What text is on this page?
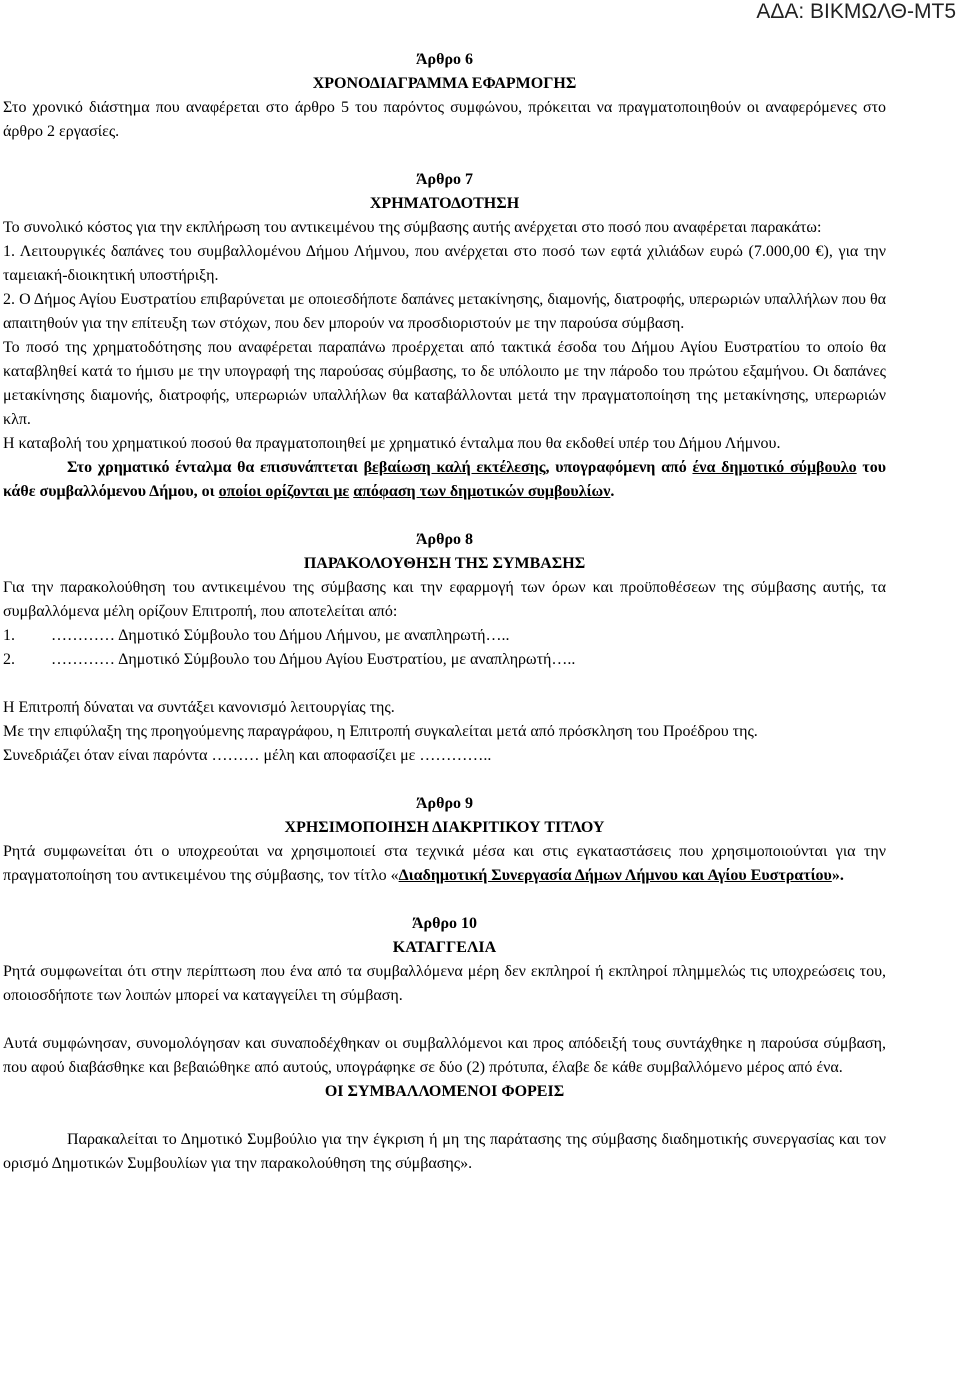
ΑΔΑ: ΒΙΚΜΩΛΘ-ΜΤ5

Άρθρο 6

ΧΡΟΝΟΔΙΑΓΡΑΜΜΑ ΕΦΑΡΜΟΓΗΣ

Στο χρονικό διάστημα που αναφέρεται στο άρθρο 5 του παρόντος συμφώνου, πρόκειται να πραγματοποιηθούν οι αναφερόμενες στο άρθρο 2 εργασίες.

Άρθρο 7

ΧΡΗΜΑΤΟΔΟΤΗΣΗ

Το συνολικό κόστος για την εκπλήρωση του αντικειμένου της σύμβασης αυτής ανέρχεται στο ποσό που αναφέρεται παρακάτω:

1. Λειτουργικές δαπάνες του συμβαλλομένου Δήμου Λήμνου, που ανέρχεται στο ποσό των εφτά χιλιάδων ευρώ (7.000,00 €), για την ταμειακή-διοικητική υποστήριξη.

2. Ο Δήμος Αγίου Ευστρατίου επιβαρύνεται με οποιεσδήποτε δαπάνες μετακίνησης, διαμονής, διατροφής, υπερωριών υπαλλήλων που θα απαιτηθούν για την επίτευξη των στόχων, που δεν μπορούν να προσδιοριστούν με την παρούσα σύμβαση.

Το ποσό της χρηματοδότησης που αναφέρεται παραπάνω προέρχεται από τακτικά έσοδα του Δήμου Αγίου Ευστρατίου το οποίο θα καταβληθεί κατά το ήμισυ με την υπογραφή της παρούσας σύμβασης, το δε υπόλοιπο με την πάροδο του πρώτου εξαμήνου. Οι δαπάνες μετακίνησης διαμονής, διατροφής, υπερωριών υπαλλήλων θα καταβάλλονται μετά την πραγματοποίηση της μετακίνησης, υπερωριών κλπ.

Η καταβολή του χρηματικού ποσού θα πραγματοποιηθεί με χρηματικό ένταλμα που θα εκδοθεί υπέρ του Δήμου Λήμνου.

Στο χρηματικό ένταλμα θα επισυνάπτεται βεβαίωση καλή εκτέλεσης, υπογραφόμενη από ένα δημοτικό σύμβουλο του κάθε συμβαλλόμενου Δήμου, οι οποίοι ορίζονται με απόφαση των δημοτικών συμβουλίων.

Άρθρο 8

ΠΑΡΑΚΟΛΟΥΘΗΣΗ ΤΗΣ ΣΥΜΒΑΣΗΣ

Για την παρακολούθηση του αντικειμένου της σύμβασης και την εφαρμογή των όρων και προϋποθέσεων της σύμβασης αυτής, τα συμβαλλόμενα μέλη ορίζουν Επιτροπή, που αποτελείται από:

1.	………… Δημοτικό Σύμβουλο του Δήμου Λήμνου, με αναπληρωτή…..
2.	………… Δημοτικό Σύμβουλο του Δήμου Αγίου Ευστρατίου, με αναπληρωτή…..

Η Επιτροπή δύναται να συντάξει κανονισμό λειτουργίας της.

Με την επιφύλαξη της προηγούμενης παραγράφου, η Επιτροπή συγκαλείται μετά από πρόσκληση του Προέδρου της.

Συνεδριάζει όταν είναι παρόντα ……… μέλη και αποφασίζει με …………..

Άρθρο 9

ΧΡΗΣΙΜΟΠΟΙΗΣΗ ΔΙΑΚΡΙΤΙΚΟΥ ΤΙΤΛΟΥ

Ρητά συμφωνείται ότι ο υποχρεούται να χρησιμοποιεί στα τεχνικά μέσα και στις εγκαταστάσεις που χρησιμοποιούνται για την πραγματοποίηση του αντικειμένου της σύμβασης, τον τίτλο «Διαδημοτική Συνεργασία Δήμων Λήμνου και Αγίου Ευστρατίου».

Άρθρο 10

ΚΑΤΑΓΓΕΛΙΑ

Ρητά συμφωνείται ότι στην περίπτωση που ένα από τα συμβαλλόμενα μέρη δεν εκπληροί ή εκπληροί πλημμελώς τις υποχρεώσεις του, οποιοσδήποτε των λοιπών μπορεί να καταγγείλει τη σύμβαση.

Αυτά συμφώνησαν, συνομολόγησαν και συναποδέχθηκαν οι συμβαλλόμενοι και προς απόδειξή τους συντάχθηκε η παρούσα σύμβαση, που αφού διαβάσθηκε και βεβαιώθηκε από αυτούς, υπογράφηκε σε δύο (2) πρότυπα, έλαβε δε κάθε συμβαλλόμενο μέρος από ένα.

ΟΙ ΣΥΜΒΑΛΛΟΜΕΝΟΙ ΦΟΡΕΙΣ

Παρακαλείται το Δημοτικό Συμβούλιο για την έγκριση ή μη της παράτασης της σύμβασης διαδημοτικής συνεργασίας και τον ορισμό Δημοτικών Συμβουλίων για την παρακολούθηση της σύμβασης».
